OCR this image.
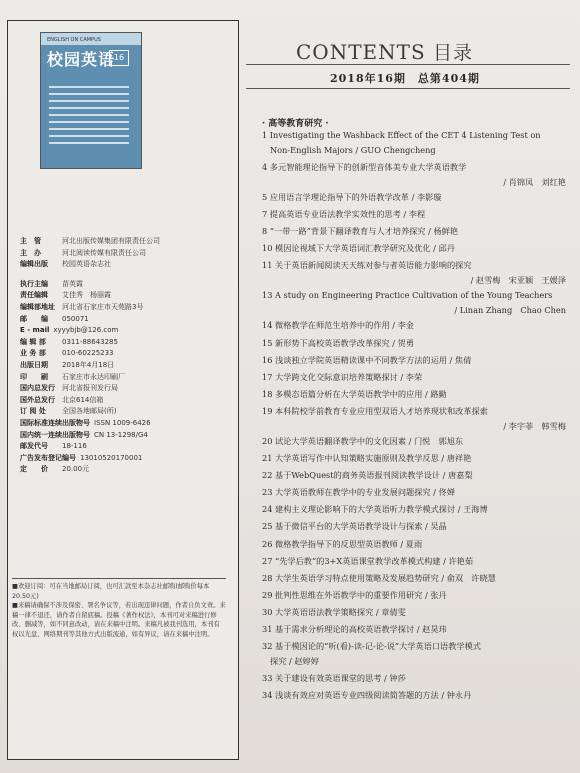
ENGLISH ON CAMPUS
校园英语
16
主　管	河北出版传媒集团有限责任公司
主　办	河北阅读传媒有限责任公司
编辑出版	校园英语杂志社
执行主编	苗英霞
责任编辑	艾佳秀　杨丽霞
编辑部地址	河北省石家庄市天苑路3号
邮　　编	050071
E - mail xyyybjb@126.com
编 辑 部	0311-88643285
业 务 部	010-60225233
出版日期	2018年4月18日
印　　刷	石家庄市永达印刷厂
国内总发行	河北省报刊发行局
国外总发行	北京614信箱
订 阅 处	全国各地邮局(所)
国际标准连续出版物号 ISSN 1009-6426
国内统一连续出版物号 CN 13-1298/G4
邮发代号	18-116
广告发布登记编号 13010520170001
定　　价	20.00元
■欢迎订阅：可在当地邮局订阅，也可汇款至本杂志社邮购(邮购价每本20.50元)
■来稿请确保不涉及保密、署名争议等，若出现违律问题，作者自负文责。来稿一律不退还，请作者自留底稿。投稿《著作权法》，本刊可对来稿进行修改、删减等，如不同意改动，请在来稿中注明。来稿凡被我刊选用，本刊有权以光盘、网络期刊等其他方式出版流通，如有异议，请在来稿中注明。
CONTENTS 目录
2018年16期　总第404期
· 高等教育研究 ·
1 Investigating the Washback Effect of the CET 4 Listening Test on
Non-English Majors / GUO Chengcheng
4 多元智能理论指导下的创新型音体美专业大学英语教学
/ 肖锦凤　刘红艳
5 应用语言学理论指导下的外语教学改革 / 李影璇
7 提高英语专业语法教学实效性的思考 / 李程
8 “一带一路”背景下翻译教育与人才培养探究 / 杨鲜艳
10 模因论视域下大学英语词汇教学研究及优化 / 邱丹
11 关于英语新闻阅读天天练对参与者英语能力影响的探究
/ 赵雪梅　宋亚颖　王媛泽
13 A study on Engineering Practice Cultivation of the Young Teachers
/ Linan Zhang　Chao Chen
14 微格教学在师范生培养中的作用 / 李金
15 新形势下高校英语教学改革探究 / 贺勇
16 浅谈独立学院英语精读课中不同教学方法的运用 / 焦倩
17 大学跨文化交际意识培养策略探讨 / 李荣
18 多模态语篇分析在大学英语教学中的应用 / 路勤
19 本科院校学前教育专业应用型双语人才培养现状和改革探索
/ 李宇菲　韩雪梅
20 试论大学英语翻译教学中的文化因素 / 门悦　郭旭东
21 大学英语写作中认知策略实施原则及教学反思 / 唐祥艳
22 基于WebQuest的商务英语报刊阅读教学设计 / 唐嘉梨
23 大学英语教师在教学中的专业发展问题探究 / 佟婵
24 建构主义理论影响下的大学英语听力教学模式探讨 / 王海博
25 基于微信平台的大学英语教学设计与探索 / 吴晶
26 微格教学指导下的反思型英语教师 / 夏雨
27 “先学后教”的3+X英语课堂教学改革模式构建 / 许艳茹
28 大学生英语学习特点使用策略及发展趋势研究 / 俞双　许晓慧
29 批判性思维在外语教学中的重要作用研究 / 张丹
30 大学英语语法教学策略探究 / 章倩雯
31 基于需求分析理论的高校英语教学探讨 / 赵昊玮
32 基于模因论的“听(看)-读-记-论-说”大学英语口语教学模式
探究 / 赵婷婷
33 关于建设有效英语课堂的思考 / 钟莎
34 浅谈有效应对英语专业四级阅读简答题的方法 / 钟永丹
